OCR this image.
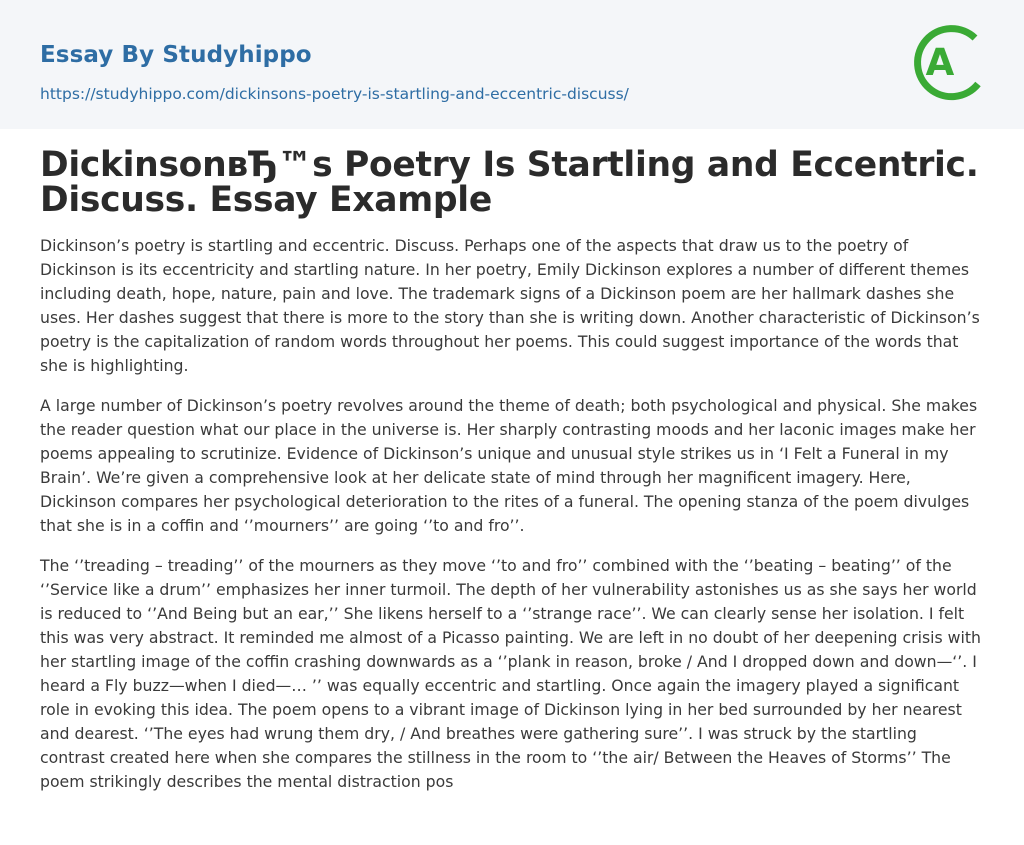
Essay By Studyhippo
https://studyhippo.com/dickinsons-poetry-is-startling-and-eccentric-discuss/
A
DickinsonвЂ™s Poetry Is Startling and Eccentric. Discuss. Essay Example

Dickinson’s poetry is startling and eccentric. Discuss. Perhaps one of the aspects that draw us to the poetry of Dickinson is its eccentricity and startling nature. In her poetry, Emily Dickinson explores a number of different themes including death, hope, nature, pain and love. The trademark signs of a Dickinson poem are her hallmark dashes she uses. Her dashes suggest that there is more to the story than she is writing down. Another characteristic of Dickinson’s poetry is the capitalization of random words throughout her poems. This could suggest importance of the words that she is highlighting.

A large number of Dickinson’s poetry revolves around the theme of death; both psychological and physical. She makes the reader question what our place in the universe is. Her sharply contrasting moods and her laconic images make her poems appealing to scrutinize. Evidence of Dickinson’s unique and unusual style strikes us in ‘I Felt a Funeral in my Brain’. We’re given a comprehensive look at her delicate state of mind through her magnificent imagery. Here, Dickinson compares her psychological deterioration to the rites of a funeral. The opening stanza of the poem divulges that she is in a coffin and ‘’mourners’’ are going ‘’to and fro’’.

The ‘’treading – treading’’ of the mourners as they move ‘’to and fro’’ combined with the ‘’beating – beating’’ of the ‘’Service like a drum’’ emphasizes her inner turmoil. The depth of her vulnerability astonishes us as she says her world is reduced to ‘’And Being but an ear,’’ She likens herself to a ‘’strange race’’. We can clearly sense her isolation. I felt this was very abstract. It reminded me almost of a Picasso painting. We are left in no doubt of her deepening crisis with her startling image of the coffin crashing downwards as a ‘’plank in reason, broke / And I dropped down and down—‘’. I heard a Fly buzz—when I died—… ’’ was equally eccentric and startling. Once again the imagery played a significant role in evoking this idea. The poem opens to a vibrant image of Dickinson lying in her bed surrounded by her nearest and dearest. ‘’The eyes had wrung them dry, / And breathes were gathering sure’’. I was struck by the startling contrast created here when she compares the stillness in the room to ‘’the air/ Between the Heaves of Storms’’ The poem strikingly describes the mental distraction pos
